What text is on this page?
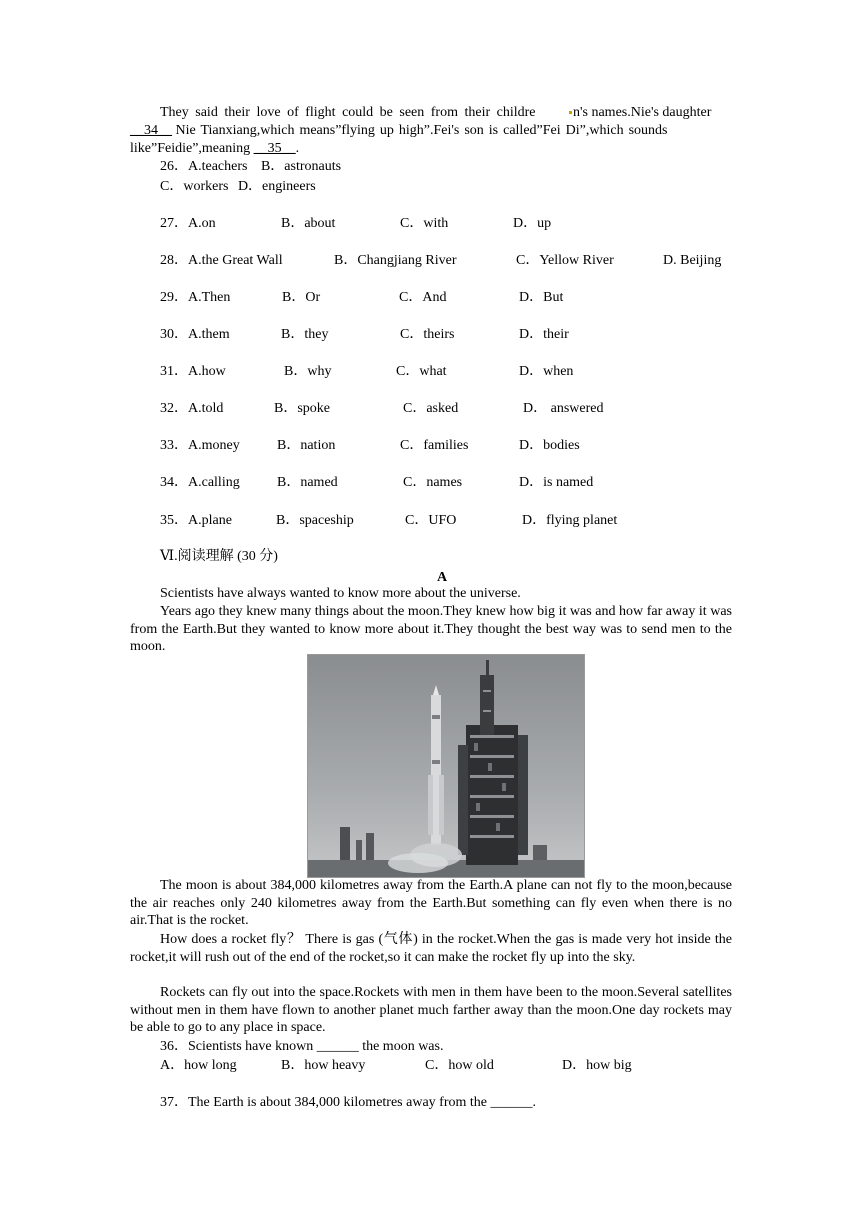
They said their love of flight could be seen from their childre	n's names.Nie's daughter
__34__ Nie Tianxiang,which means”flying up high”.Fei's son is called”Fei Di”,which sounds
like”Feidie”,meaning __35__.
26．A.teachers B．astronauts
C．workers D．engineers
27．A.on	B．about	C．with	D．up
28．A.the Great Wall	B．Changjiang River	C．Yellow River	D. Beijing
29．A.Then	B．Or	C．And	D．But
30．A.them	B．they	C．theirs	D．their
31．A.how	B．why	C．what	D．when
32．A.told	B．spoke	C．asked	D． answered
33．A.money	B．nation	C．families	D．bodies
34．A.calling	B．named	C．names	D．is named
35．A.plane	B．spaceship	C．UFO	D．flying planet
Ⅵ.阅读理解 (30 分)
A
Scientists have always wanted to know more about the universe.
Years ago they knew many things about the moon.They knew how big it was and how far away it was from the Earth.But they wanted to know more about it.They thought the best way was to send men to the moon.
The moon is about 384,000 kilometres away from the Earth.A plane can not fly to the moon,because the air reaches only 240 kilometres away from the Earth.But something can fly even when there is no air.That is the rocket.
How does a rocket fly？ There is gas (气体) in the rocket.When the gas is made very hot inside the rocket,it will rush out of the end of the rocket,so it can make the rocket fly up into the sky.
Rockets can fly out into the space.Rockets with men in them have been to the moon.Several satellites without men in them have flown to another planet much farther away than the moon.One day rockets may be able to go to any place in space.
36．Scientists have known ______ the moon was.
A．how long	B．how heavy	C．how old	D．how big
37．The Earth is about 384,000 kilometres away from the ______.
